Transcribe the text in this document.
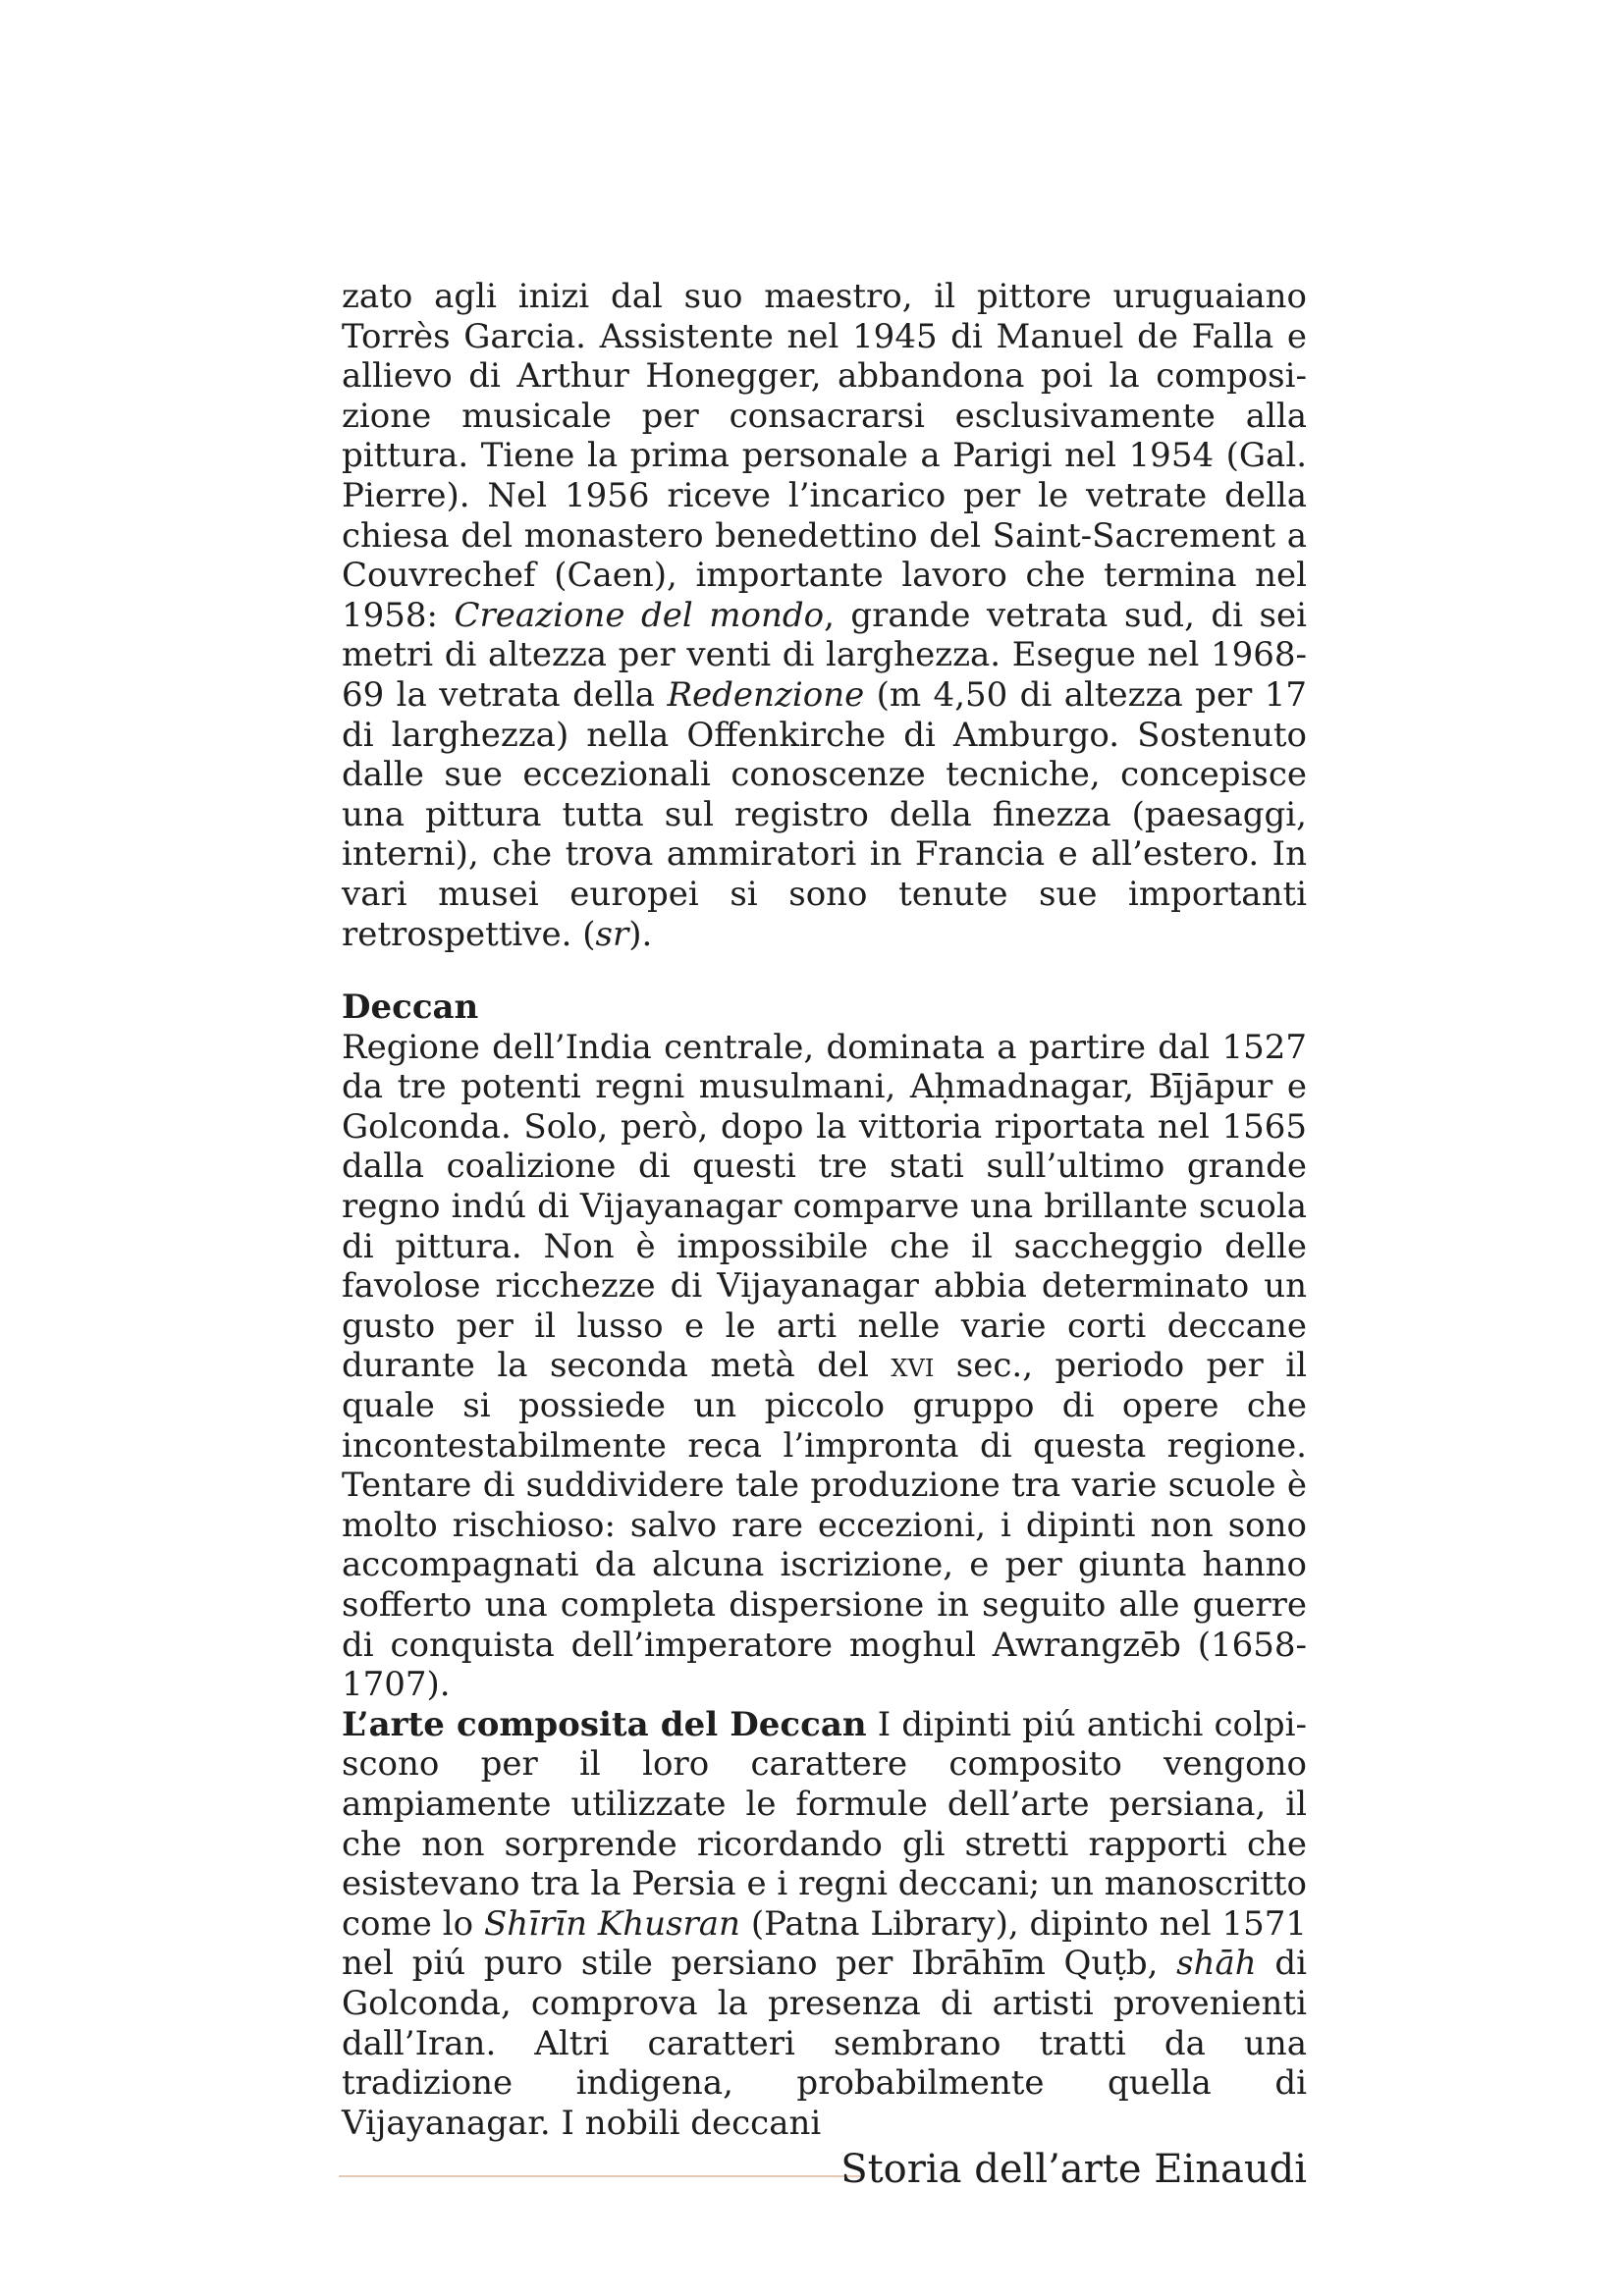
zato agli inizi dal suo maestro, il pittore uruguaiano Torrès Garcia. Assistente nel 1945 di Manuel de Falla e allievo di Arthur Honegger, abbandona poi la composizione musicale per consacrarsi esclusivamente alla pittura. Tiene la prima personale a Parigi nel 1954 (Gal. Pierre). Nel 1956 riceve l’incarico per le vetrate della chiesa del monastero benedettino del Saint-Sacrement a Couvrechef (Caen), importante lavoro che termina nel 1958: Creazione del mondo, grande vetrata sud, di sei metri di altezza per venti di larghezza. Esegue nel 1968-69 la vetrata della Redenzione (m 4,50 di altezza per 17 di larghezza) nella Offenkirche di Amburgo. Sostenuto dalle sue eccezionali conoscenze tecniche, concepisce una pittura tutta sul registro della finezza (paesaggi, interni), che trova ammiratori in Francia e all’estero. In vari musei europei si sono tenute sue importanti retrospettive. (sr).

Deccan

Regione dell’India centrale, dominata a partire dal 1527 da tre potenti regni musulmani, Aḥmadnagar, Bījāpur e Golconda. Solo, però, dopo la vittoria riportata nel 1565 dalla coalizione di questi tre stati sull’ultimo grande regno indú di Vijayanagar comparve una brillante scuola di pittura. Non è impossibile che il saccheggio delle favolose ricchezze di Vijayanagar abbia determinato un gusto per il lusso e le arti nelle varie corti deccane durante la seconda metà del xvi sec., periodo per il quale si possiede un piccolo gruppo di opere che incontestabilmente reca l’impronta di questa regione. Tentare di suddividere tale produzione tra varie scuole è molto rischioso: salvo rare eccezioni, i dipinti non sono accompagnati da alcuna iscrizione, e per giunta hanno sofferto una completa dispersione in seguito alle guerre di conquista dell’imperatore moghul Awrangzēb (1658-1707).

L’arte composita del Deccan I dipinti piú antichi colpiscono per il loro carattere composito vengono ampiamente utilizzate le formule dell’arte persiana, il che non sorprende ricordando gli stretti rapporti che esistevano tra la Persia e i regni deccani; un manoscritto come lo Shīrīn Khusran (Patna Library), dipinto nel 1571 nel piú puro stile persiano per Ibrāhīm Quṭb, shāh di Golconda, comprova la presenza di artisti provenienti dall’Iran. Altri caratteri sembrano tratti da una tradizione indigena, probabilmente quella di Vijayanagar. I nobili deccani

Storia dell’arte Einaudi
